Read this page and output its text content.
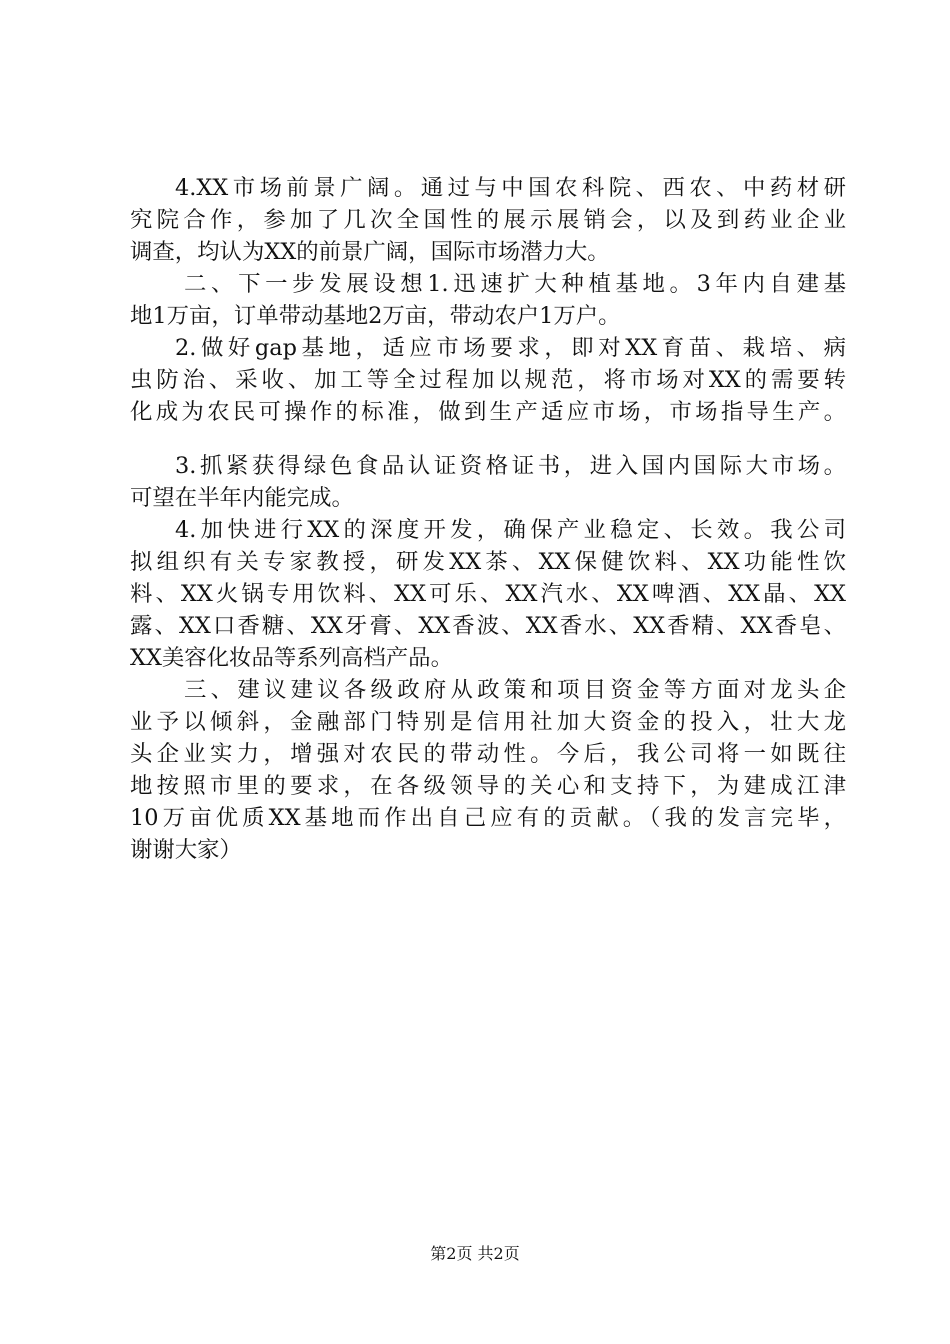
4.XX市场前景广阔。通过与中国农科院、西农、中药材研
究院合作，参加了几次全国性的展示展销会，以及到药业企业
调查，均认为XX的前景广阔，国际市场潜力大。
二、下一步发展设想1.迅速扩大种植基地。3年内自建基
地1万亩，订单带动基地2万亩，带动农户1万户。
2.做好gap基地，适应市场要求，即对XX育苗、栽培、病
虫防治、采收、加工等全过程加以规范，将市场对XX的需要转
化成为农民可操作的标准，做到生产适应市场，市场指导生产。
3.抓紧获得绿色食品认证资格证书，进入国内国际大市场。
可望在半年内能完成。
4.加快进行XX的深度开发，确保产业稳定、长效。我公司
拟组织有关专家教授，研发XX茶、XX保健饮料、XX功能性饮
料、XX火锅专用饮料、XX可乐、XX汽水、XX啤酒、XX晶、XX
露、XX口香糖、XX牙膏、XX香波、XX香水、XX香精、XX香皂、
XX美容化妆品等系列高档产品。
三、建议建议各级政府从政策和项目资金等方面对龙头企
业予以倾斜，金融部门特别是信用社加大资金的投入，壮大龙
头企业实力，增强对农民的带动性。今后，我公司将一如既往
地按照市里的要求，在各级领导的关心和支持下，为建成江津
10万亩优质XX基地而作出自己应有的贡献。（我的发言完毕，
谢谢大家）
第2页 共2页
